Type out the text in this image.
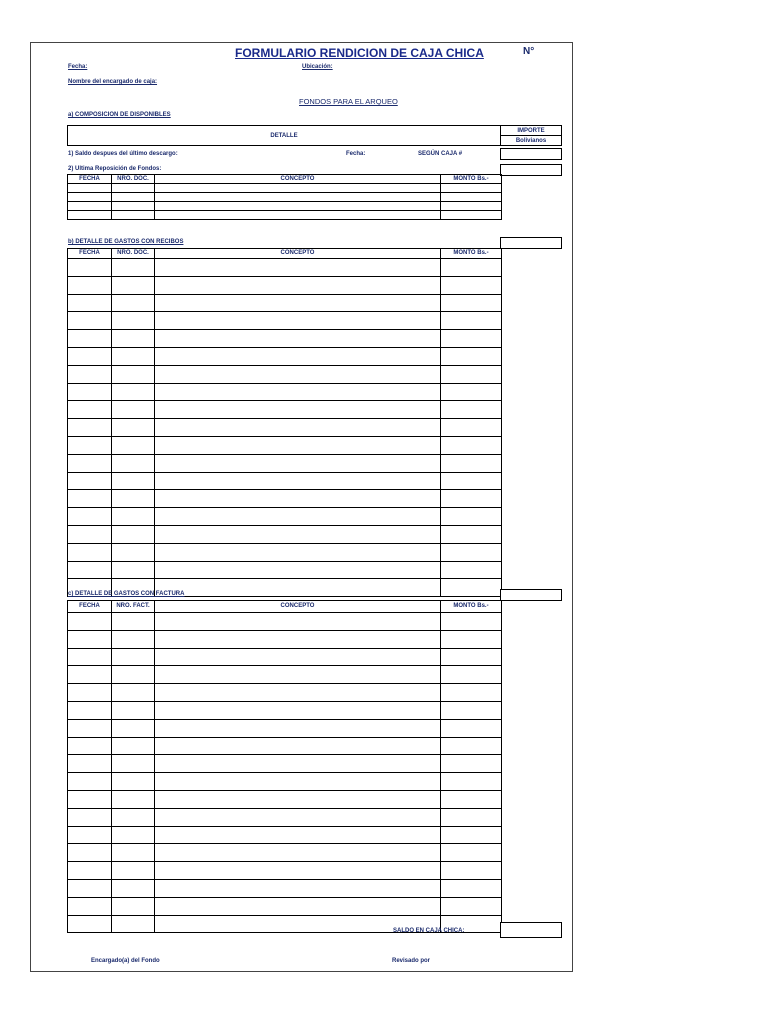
FORMULARIO RENDICION DE CAJA CHICA	N°
Fecha:	Ubicación:
Nombre del encargado de caja:
FONDOS PARA EL ARQUEO
a) COMPOSICION DE DISPONIBLES
DETALLE
IMPORTE
Bolivianos
1) Saldo despues del último descargo:	Fecha:	SEGÚN CAJA #
2) Ultima Reposición de Fondos:
FECHA	NRO. DOC.	CONCEPTO	MONTO Bs.-

b) DETALLE DE GASTOS CON RECIBOS
FECHA	NRO. DOC.	CONCEPTO	MONTO Bs.-

c) DETALLE DE GASTOS CON FACTURA
FECHA	NRO. FACT.	CONCEPTO	MONTO Bs.-

SALDO EN CAJA CHICA:
Encargado(a) del Fondo	Revisado por
